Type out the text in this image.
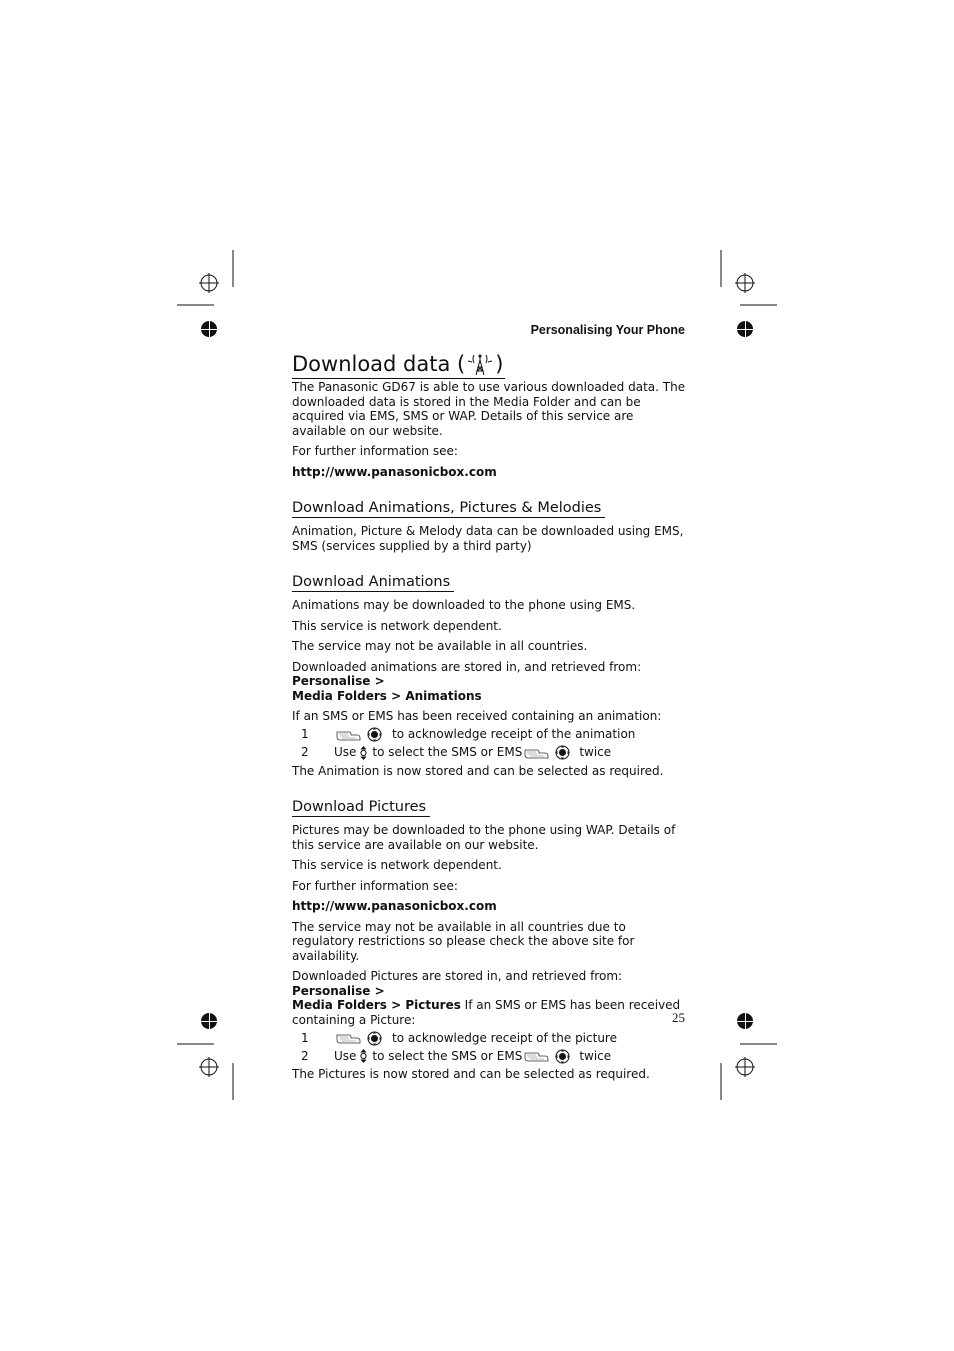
Personalising Your Phone
Download data ( )

The Panasonic GD67 is able to use various downloaded data. The downloaded data is stored in the Media Folder and can be acquired via EMS, SMS or WAP. Details of this service are available on our website.

For further information see:

http://www.panasonicbox.com

Download Animations, Pictures & Melodies

Animation, Picture & Melody data can be downloaded using EMS, SMS (services supplied by a third party)

Download Animations

Animations may be downloaded to the phone using EMS.

This service is network dependent.

The service may not be available in all countries.

Downloaded animations are stored in, and retrieved from: Personalise >
Media Folders > Animations

If an SMS or EMS has been received containing an animation:

1	to acknowledge receipt of the animation
2	Use to select the SMS or EMS	twice

The Animation is now stored and can be selected as required.

Download Pictures

Pictures may be downloaded to the phone using WAP. Details of this service are available on our website.

This service is network dependent.

For further information see:

http://www.panasonicbox.com

The service may not be available in all countries due to regulatory restrictions so please check the above site for availability.

Downloaded Pictures are stored in, and retrieved from: Personalise >
Media Folders > Pictures If an SMS or EMS has been received containing a Picture:

1	to acknowledge receipt of the picture
2	Use to select the SMS or EMS	twice

The Pictures is now stored and can be selected as required.

25
